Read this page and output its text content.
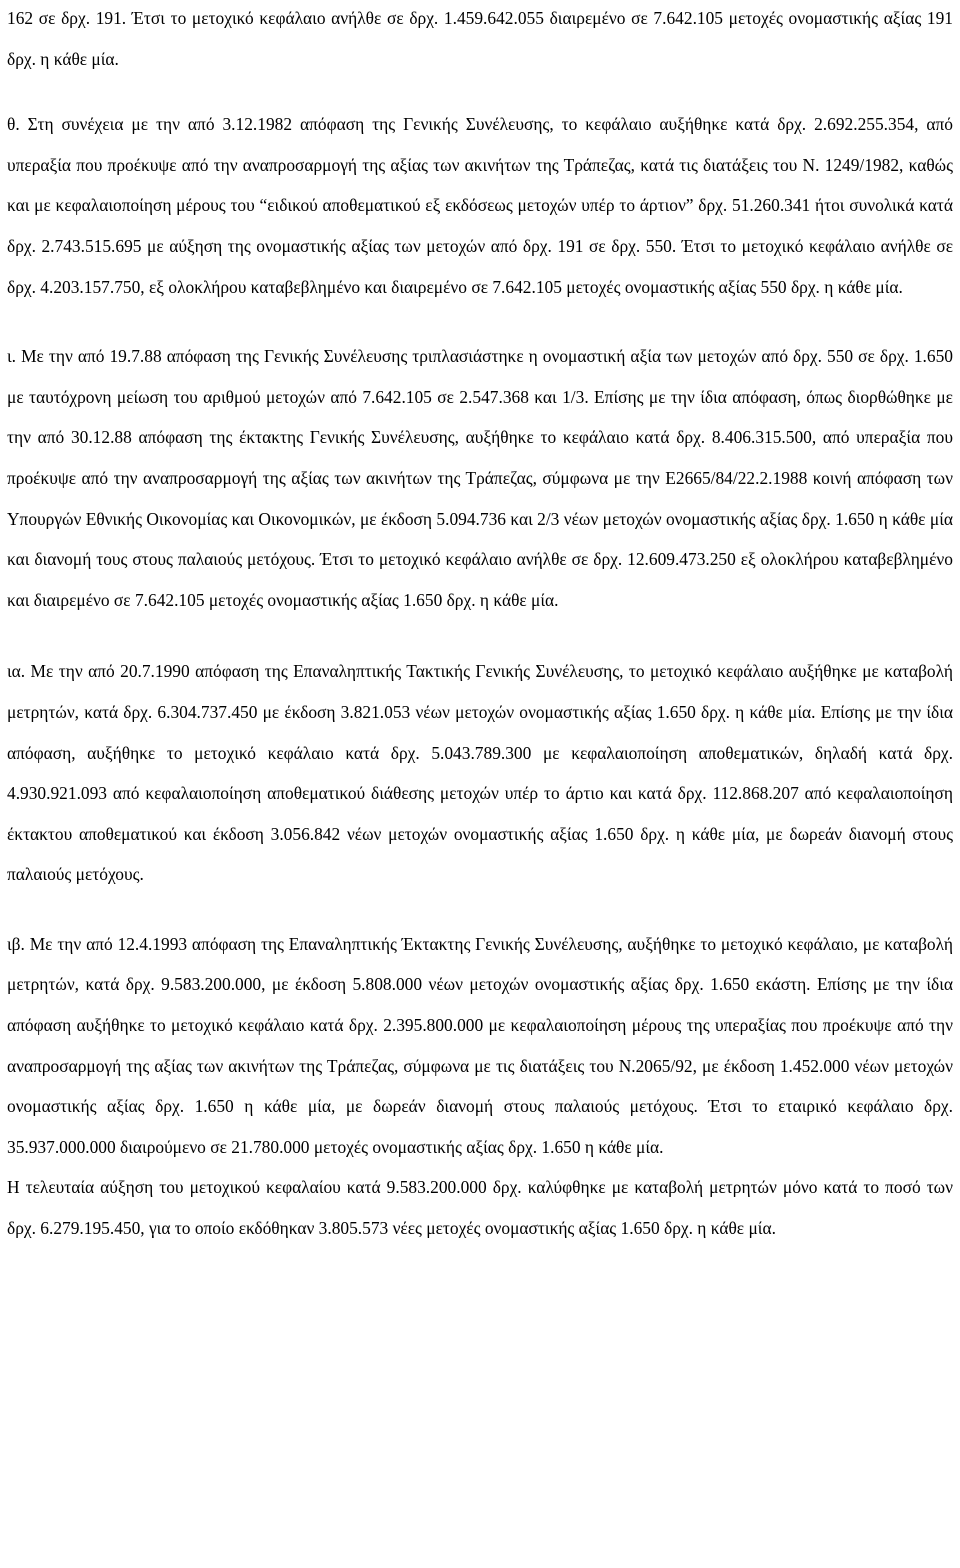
162 σε δρχ. 191. Έτσι το μετοχικό κεφάλαιο ανήλθε σε δρχ. 1.459.642.055 διαιρεμένο σε 7.642.105 μετοχές ονομαστικής αξίας 191 δρχ. η κάθε μία.

θ. Στη συνέχεια με την από 3.12.1982 απόφαση της Γενικής Συνέλευσης, το κεφάλαιο αυξήθηκε κατά δρχ. 2.692.255.354, από υπεραξία που προέκυψε από την αναπροσαρμογή της αξίας των ακινήτων της Τράπεζας, κατά τις διατάξεις του Ν. 1249/1982, καθώς και με κεφαλαιοποίηση μέρους του “ειδικού αποθεματικού εξ εκδόσεως μετοχών υπέρ το άρτιον” δρχ. 51.260.341 ήτοι συνολικά κατά δρχ. 2.743.515.695 με αύξηση της ονομαστικής αξίας των μετοχών από δρχ. 191 σε δρχ. 550. Έτσι το μετοχικό κεφάλαιο ανήλθε σε δρχ. 4.203.157.750, εξ ολοκλήρου καταβεβλημένο και διαιρεμένο σε 7.642.105 μετοχές ονομαστικής αξίας 550 δρχ. η κάθε μία.

ι. Με την από 19.7.88 απόφαση της Γενικής Συνέλευσης τριπλασιάστηκε η ονομαστική αξία των μετοχών από δρχ. 550 σε δρχ. 1.650 με ταυτόχρονη μείωση του αριθμού μετοχών από 7.642.105 σε 2.547.368 και 1/3. Επίσης με την ίδια απόφαση, όπως διορθώθηκε με την από 30.12.88 απόφαση της έκτακτης Γενικής Συνέλευσης, αυξήθηκε το κεφάλαιο κατά δρχ. 8.406.315.500, από υπεραξία που προέκυψε από την αναπροσαρμογή της αξίας των ακινήτων της Τράπεζας, σύμφωνα με την Ε2665/84/22.2.1988 κοινή απόφαση των Υπουργών Εθνικής Οικονομίας και Οικονομικών, με έκδοση 5.094.736 και 2/3 νέων μετοχών ονομαστικής αξίας δρχ. 1.650 η κάθε μία και διανομή τους στους παλαιούς μετόχους. Έτσι το μετοχικό κεφάλαιο ανήλθε σε δρχ. 12.609.473.250 εξ ολοκλήρου καταβεβλημένο και διαιρεμένο σε 7.642.105 μετοχές ονομαστικής αξίας 1.650 δρχ. η κάθε μία.

ια. Με την από 20.7.1990 απόφαση της Επαναληπτικής Τακτικής Γενικής Συνέλευσης, το μετοχικό κεφάλαιο αυξήθηκε με καταβολή μετρητών, κατά δρχ. 6.304.737.450 με έκδοση 3.821.053 νέων μετοχών ονομαστικής αξίας 1.650 δρχ. η κάθε μία. Επίσης με την ίδια απόφαση, αυξήθηκε το μετοχικό κεφάλαιο κατά δρχ. 5.043.789.300 με κεφαλαιοποίηση αποθεματικών, δηλαδή κατά δρχ. 4.930.921.093 από κεφαλαιοποίηση αποθεματικού διάθεσης μετοχών υπέρ το άρτιο και κατά δρχ. 112.868.207 από κεφαλαιοποίηση έκτακτου αποθεματικού και έκδοση 3.056.842 νέων μετοχών ονομαστικής αξίας 1.650 δρχ. η κάθε μία, με δωρεάν διανομή στους παλαιούς μετόχους.

ιβ. Με την από 12.4.1993 απόφαση της Επαναληπτικής Έκτακτης Γενικής Συνέλευσης, αυξήθηκε το μετοχικό κεφάλαιο, με καταβολή μετρητών, κατά δρχ. 9.583.200.000, με έκδοση 5.808.000 νέων μετοχών ονομαστικής αξίας δρχ. 1.650 εκάστη. Επίσης με την ίδια απόφαση αυξήθηκε το μετοχικό κεφάλαιο κατά δρχ. 2.395.800.000 με κεφαλαιοποίηση μέρους της υπεραξίας που προέκυψε από την αναπροσαρμογή της αξίας των ακινήτων της Τράπεζας, σύμφωνα με τις διατάξεις του Ν.2065/92, με έκδοση 1.452.000 νέων μετοχών ονομαστικής αξίας δρχ. 1.650 η κάθε μία, με δωρεάν διανομή στους παλαιούς μετόχους. Έτσι το εταιρικό κεφάλαιο δρχ. 35.937.000.000 διαιρούμενο σε 21.780.000 μετοχές ονομαστικής αξίας δρχ. 1.650 η κάθε μία.

Η τελευταία αύξηση του μετοχικού κεφαλαίου κατά 9.583.200.000 δρχ. καλύφθηκε με καταβολή μετρητών μόνο κατά το ποσό των δρχ. 6.279.195.450, για το οποίο εκδόθηκαν 3.805.573 νέες μετοχές ονομαστικής αξίας 1.650 δρχ. η κάθε μία.
